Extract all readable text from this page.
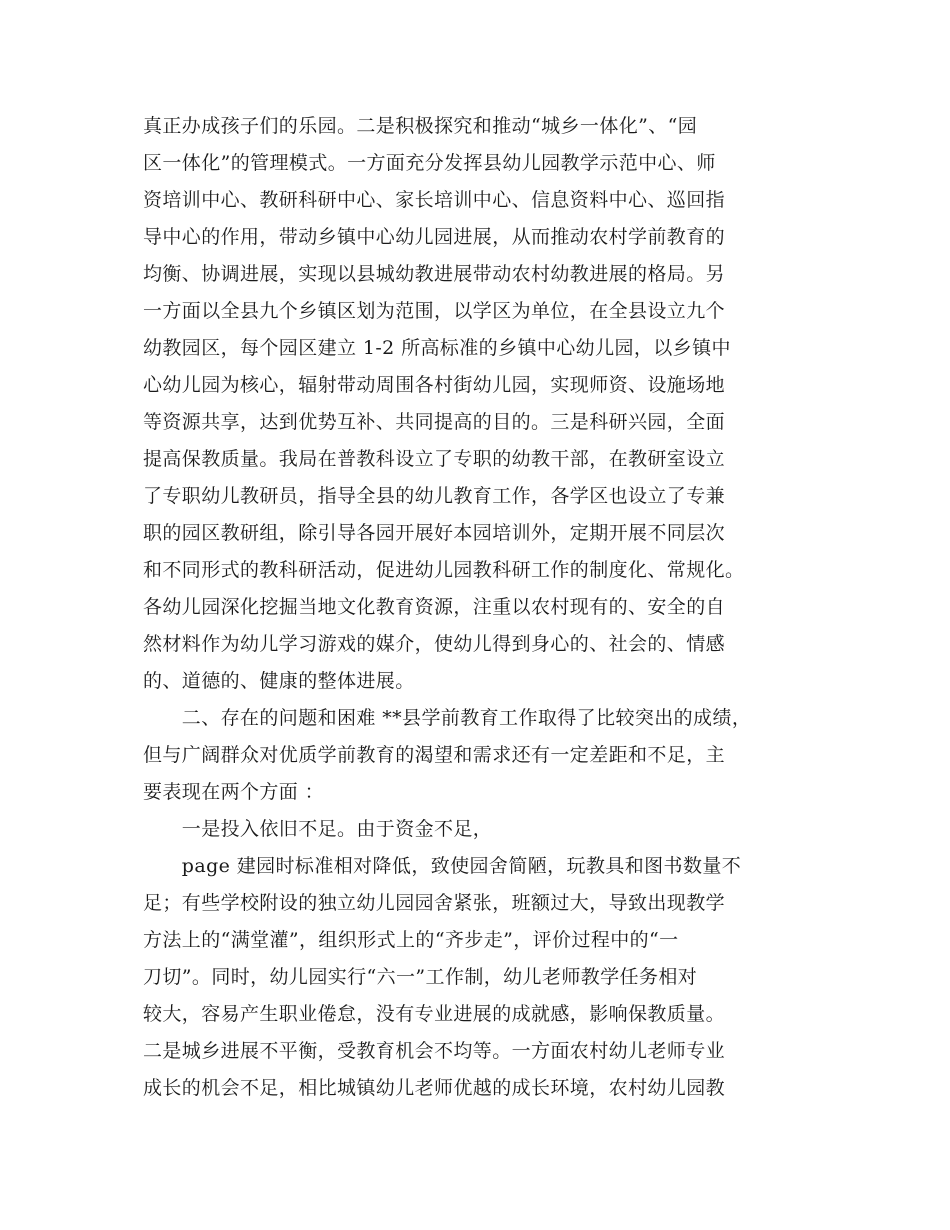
真正办成孩子们的乐园。二是积极探究和推动“城乡一体化”、“园
区一体化”的管理模式。一方面充分发挥县幼儿园教学示范中心、师
资培训中心、教研科研中心、家长培训中心、信息资料中心、巡回指
导中心的作用，带动乡镇中心幼儿园进展，从而推动农村学前教育的
均衡、协调进展，实现以县城幼教进展带动农村幼教进展的格局。另
一方面以全县九个乡镇区划为范围，以学区为单位，在全县设立九个
幼教园区，每个园区建立 1-2 所高标准的乡镇中心幼儿园，以乡镇中
心幼儿园为核心，辐射带动周围各村街幼儿园，实现师资、设施场地
等资源共享，达到优势互补、共同提高的目的。三是科研兴园，全面
提高保教质量。我局在普教科设立了专职的幼教干部，在教研室设立
了专职幼儿教研员，指导全县的幼儿教育工作，各学区也设立了专兼
职的园区教研组，除引导各园开展好本园培训外，定期开展不同层次
和不同形式的教科研活动，促进幼儿园教科研工作的制度化、常规化。
各幼儿园深化挖掘当地文化教育资源，注重以农村现有的、安全的自
然材料作为幼儿学习游戏的媒介，使幼儿得到身心的、社会的、情感
的、道德的、健康的整体进展。
　　二、存在的问题和困难 **县学前教育工作取得了比较突出的成绩，
但与广阔群众对优质学前教育的渴望和需求还有一定差距和不足，主
要表现在两个方面 ：
　　一是投入依旧不足。由于资金不足，
　　page 建园时标准相对降低，致使园舍简陋，玩教具和图书数量不
足；有些学校附设的独立幼儿园园舍紧张，班额过大，导致出现教学
方法上的“满堂灌”，组织形式上的“齐步走”，评价过程中的“一
刀切”。同时，幼儿园实行“六一”工作制，幼儿老师教学任务相对
较大，容易产生职业倦怠，没有专业进展的成就感，影响保教质量。
二是城乡进展不平衡，受教育机会不均等。一方面农村幼儿老师专业
成长的机会不足，相比城镇幼儿老师优越的成长环境，农村幼儿园教
